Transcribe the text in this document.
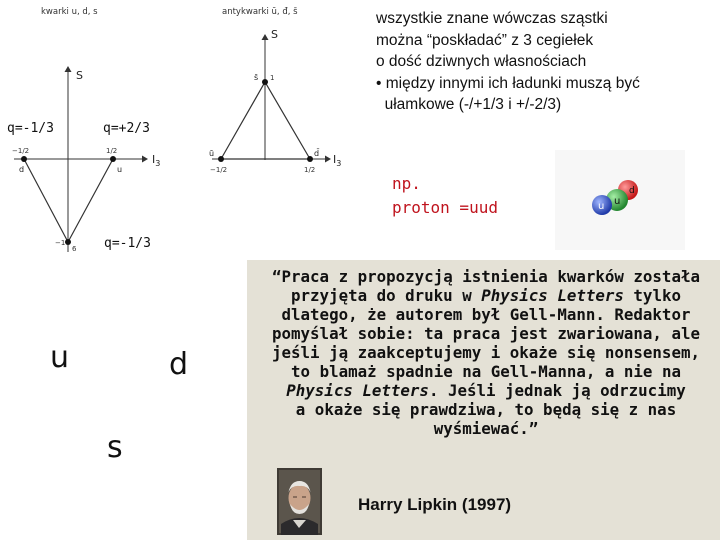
kwarki u, d, s
S
$I_3$
−1/2	1/2
−1
6
d	u
antykwarki ū, đ, s̄
S
$I_3$
−1/2	1/2
1
s̄
ū	d̄
q=-1/3	q=+2/3
q=-1/3
wszystkie znane wówczas sząstki
można “poskładać” z 3 cegiełek
o dość dziwnych własnościach
• między innymi ich ładunki muszą być
ułamkowe (-/+1/3 i +/-2/3)
np.
proton =uud
d
u
u
u	d
s
“Praca z propozycją istnienia kwarków została
przyjęta do druku w Physics Letters tylko
dlatego, że autorem był Gell-Mann. Redaktor
pomyślał sobie: ta praca jest zwariowana, ale
jeśli ją zaakceptujemy i okaże się nonsensem,
to blamaż spadnie na Gell-Manna, a nie na
Physics Letters. Jeśli jednak ją odrzucimy
a okaże się prawdziwa, to będą się z nas
wyśmiewać.”
Harry Lipkin (1997)
